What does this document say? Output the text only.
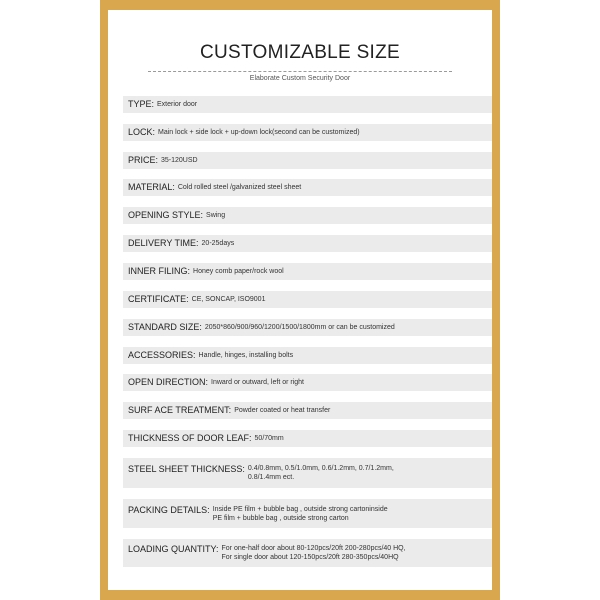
CUSTOMIZABLE SIZE
Elaborate Custom Security Door
TYPE: Exterior door
LOCK: Main lock + side lock + up-down lock(second can be customized)
PRICE: 35-120USD
MATERIAL: Cold rolled steel /galvanized steel sheet
OPENING STYLE: Swing
DELIVERY TIME: 20-25days
INNER FILING: Honey comb paper/rock wool
CERTIFICATE: CE, SONCAP, ISO9001
STANDARD SIZE: 2050*860/900/960/1200/1500/1800mm or can be customized
ACCESSORIES: Handle, hinges, installing bolts
OPEN DIRECTION: Inward or outward, left or right
SURF ACE TREATMENT: Powder coated or heat transfer
THICKNESS OF DOOR LEAF: 50/70mm
STEEL SHEET THICKNESS: 0.4/0.8mm, 0.5/1.0mm, 0.6/1.2mm, 0.7/1.2mm,
0.8/1.4mm ect.
PACKING DETAILS: Inside PE film + bubble bag , outside strong cartoninside
PE film + bubble bag , outside strong carton
LOADING QUANTITY: For one-half door about 80-120pcs/20ft 200-280pcs/40 HQ,
For single door about 120-150pcs/20ft 280-350pcs/40HQ
